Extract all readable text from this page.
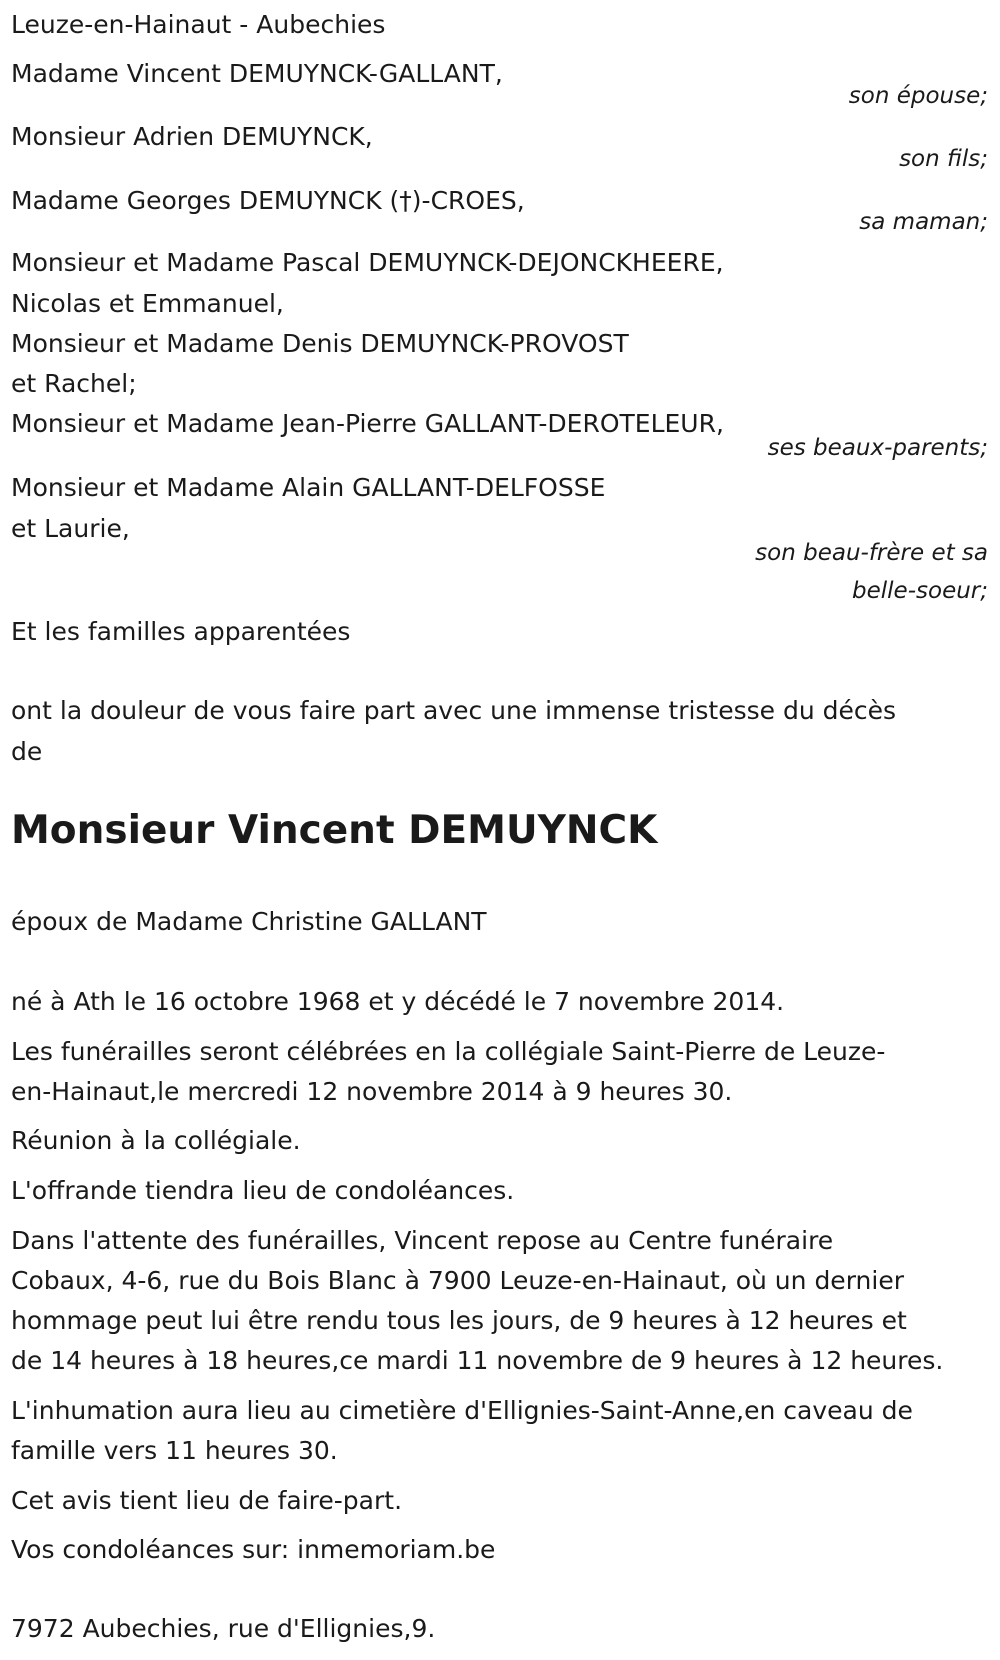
Leuze-en-Hainaut - Aubechies
Madame Vincent DEMUYNCK-GALLANT,
son épouse;
Monsieur Adrien DEMUYNCK,
son fils;
Madame Georges DEMUYNCK (†)-CROES,
sa maman;
Monsieur et Madame Pascal DEMUYNCK-DEJONCKHEERE,
Nicolas et Emmanuel,
Monsieur et Madame Denis DEMUYNCK-PROVOST
et Rachel;
Monsieur et Madame Jean-Pierre GALLANT-DEROTELEUR,
ses beaux-parents;
Monsieur et Madame Alain GALLANT-DELFOSSE
et Laurie,
son beau-frère et sa
belle-soeur;
Et les familles apparentées
ont la douleur de vous faire part avec une immense tristesse du décès
de
Monsieur Vincent DEMUYNCK
époux de Madame Christine GALLANT
né à Ath le 16 octobre 1968 et y décédé le 7 novembre 2014.
Les funérailles seront célébrées en la collégiale Saint-Pierre de Leuze-
en-Hainaut,le mercredi 12 novembre 2014 à 9 heures 30.
Réunion à la collégiale.
L'offrande tiendra lieu de condoléances.
Dans l'attente des funérailles, Vincent repose au Centre funéraire
Cobaux, 4-6, rue du Bois Blanc à 7900 Leuze-en-Hainaut, où un dernier
hommage peut lui être rendu tous les jours, de 9 heures à 12 heures et
de 14 heures à 18 heures,ce mardi 11 novembre de 9 heures à 12 heures.
L'inhumation aura lieu au cimetière d'Ellignies-Saint-Anne,en caveau de
famille vers 11 heures 30.
Cet avis tient lieu de faire-part.
Vos condoléances sur: inmemoriam.be
7972 Aubechies, rue d'Ellignies,9.
